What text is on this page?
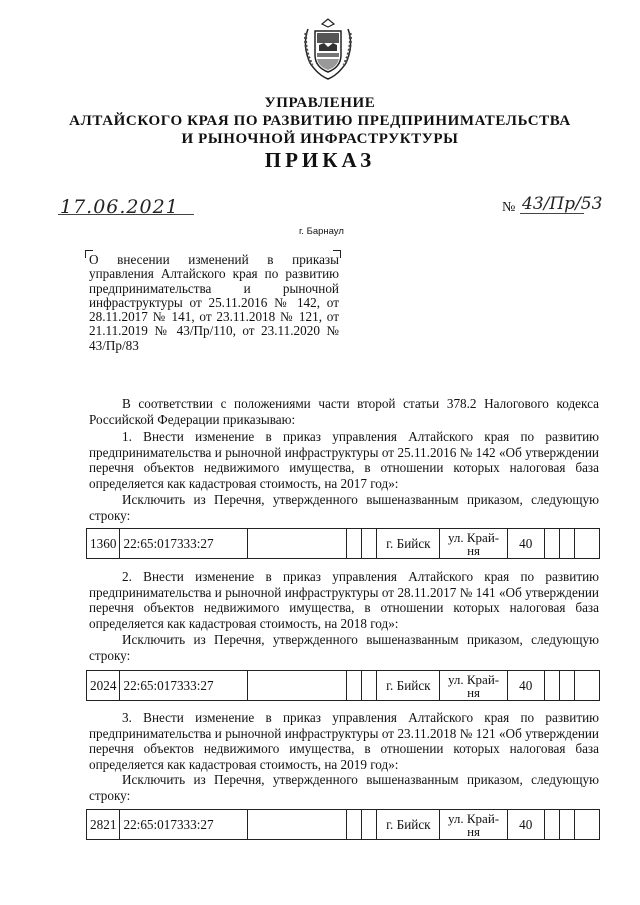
УПРАВЛЕНИЕ
АЛТАЙСКОГО КРАЯ ПО РАЗВИТИЮ ПРЕДПРИНИМАТЕЛЬСТВА
И РЫНОЧНОЙ ИНФРАСТРУКТУРЫ
ПРИКАЗ
17.06.2021	№ 43/Пр/53
г. Барнаул
О внесении изменений в приказы управления Алтайского края по развитию предпринимательства и рыночной инфраструктуры от 25.11.2016 № 142, от 28.11.2017 № 141, от 23.11.2018 № 121, от 21.11.2019 № 43/Пр/110, от 23.11.2020 № 43/Пр/83

В соответствии с положениями части второй статьи 378.2 Налогового кодекса Российской Федерации приказываю:

1. Внести изменение в приказ управления Алтайского края по развитию предпринимательства и рыночной инфраструктуры от 25.11.2016 № 142 «Об утверждении перечня объектов недвижимого имущества, в отношении которых налоговая база определяется как кадастровая стоимость, на 2017 год»:

Исключить из Перечня, утвержденного вышеназванным приказом, следующую строку:

1360	22:65:017333:27				г. Бийск	ул. Край-ня	40			

2. Внести изменение в приказ управления Алтайского края по развитию предпринимательства и рыночной инфраструктуры от 28.11.2017 № 141 «Об утверждении перечня объектов недвижимого имущества, в отношении которых налоговая база определяется как кадастровая стоимость, на 2018 год»:

Исключить из Перечня, утвержденного вышеназванным приказом, следующую строку:

2024	22:65:017333:27				г. Бийск	ул. Край-ня	40			

3. Внести изменение в приказ управления Алтайского края по развитию предпринимательства и рыночной инфраструктуры от 23.11.2018 № 121 «Об утверждении перечня объектов недвижимого имущества, в отношении которых налоговая база определяется как кадастровая стоимость, на 2019 год»:

Исключить из Перечня, утвержденного вышеназванным приказом, следующую строку:

2821	22:65:017333:27				г. Бийск	ул. Край-ня	40			
